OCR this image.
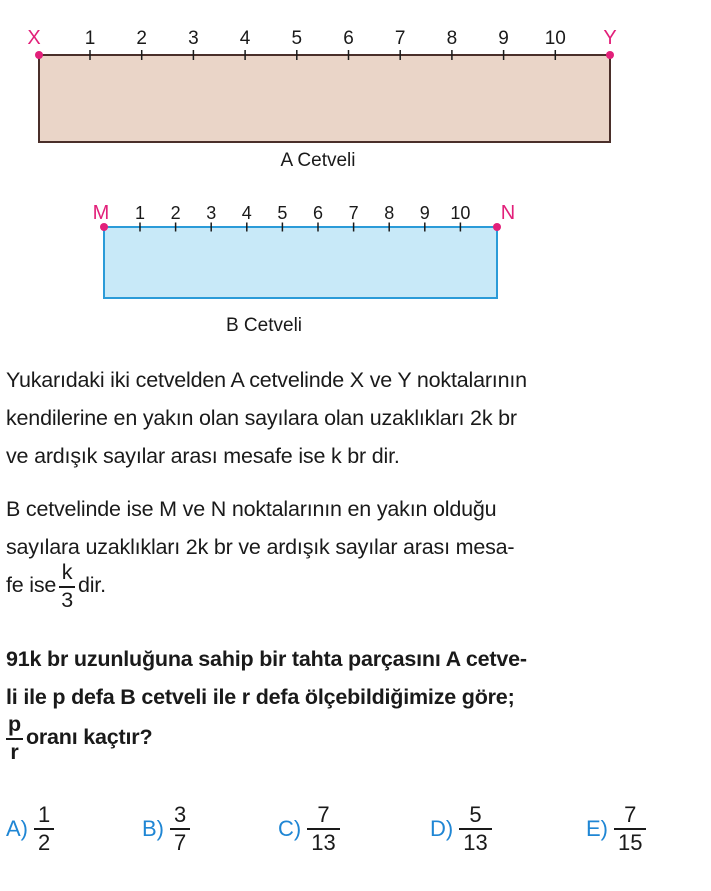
1 2 3 4 5 6 7 8 9 10
X	Y
A Cetveli
1 2 3 4 5 6 7 8 9 10
M	N
B Cetveli
Yukarıdaki iki cetvelden A cetvelinde X ve Y noktalarının
kendilerine en yakın olan sayılara olan uzaklıkları 2k br
ve ardışık sayılar arası mesafe ise k br dir.
B cetvelinde ise M ve N noktalarının en yakın olduğu
sayılara uzaklıkları 2k br ve ardışık sayılar arası mesa-
fe ise $\frac{k}{3}$ dir.
91k br uzunluğuna sahip bir tahta parçasını A cetve-
li ile p defa B cetveli ile r defa ölçebildiğimize göre;
$\frac{p}{r}$ oranı kaçtır?
$A) \frac{1}{2}$	$B) \frac{3}{7}$	$C) \frac{7}{13}$	$D) \frac{5}{13}$	$E) \frac{7}{15}$
